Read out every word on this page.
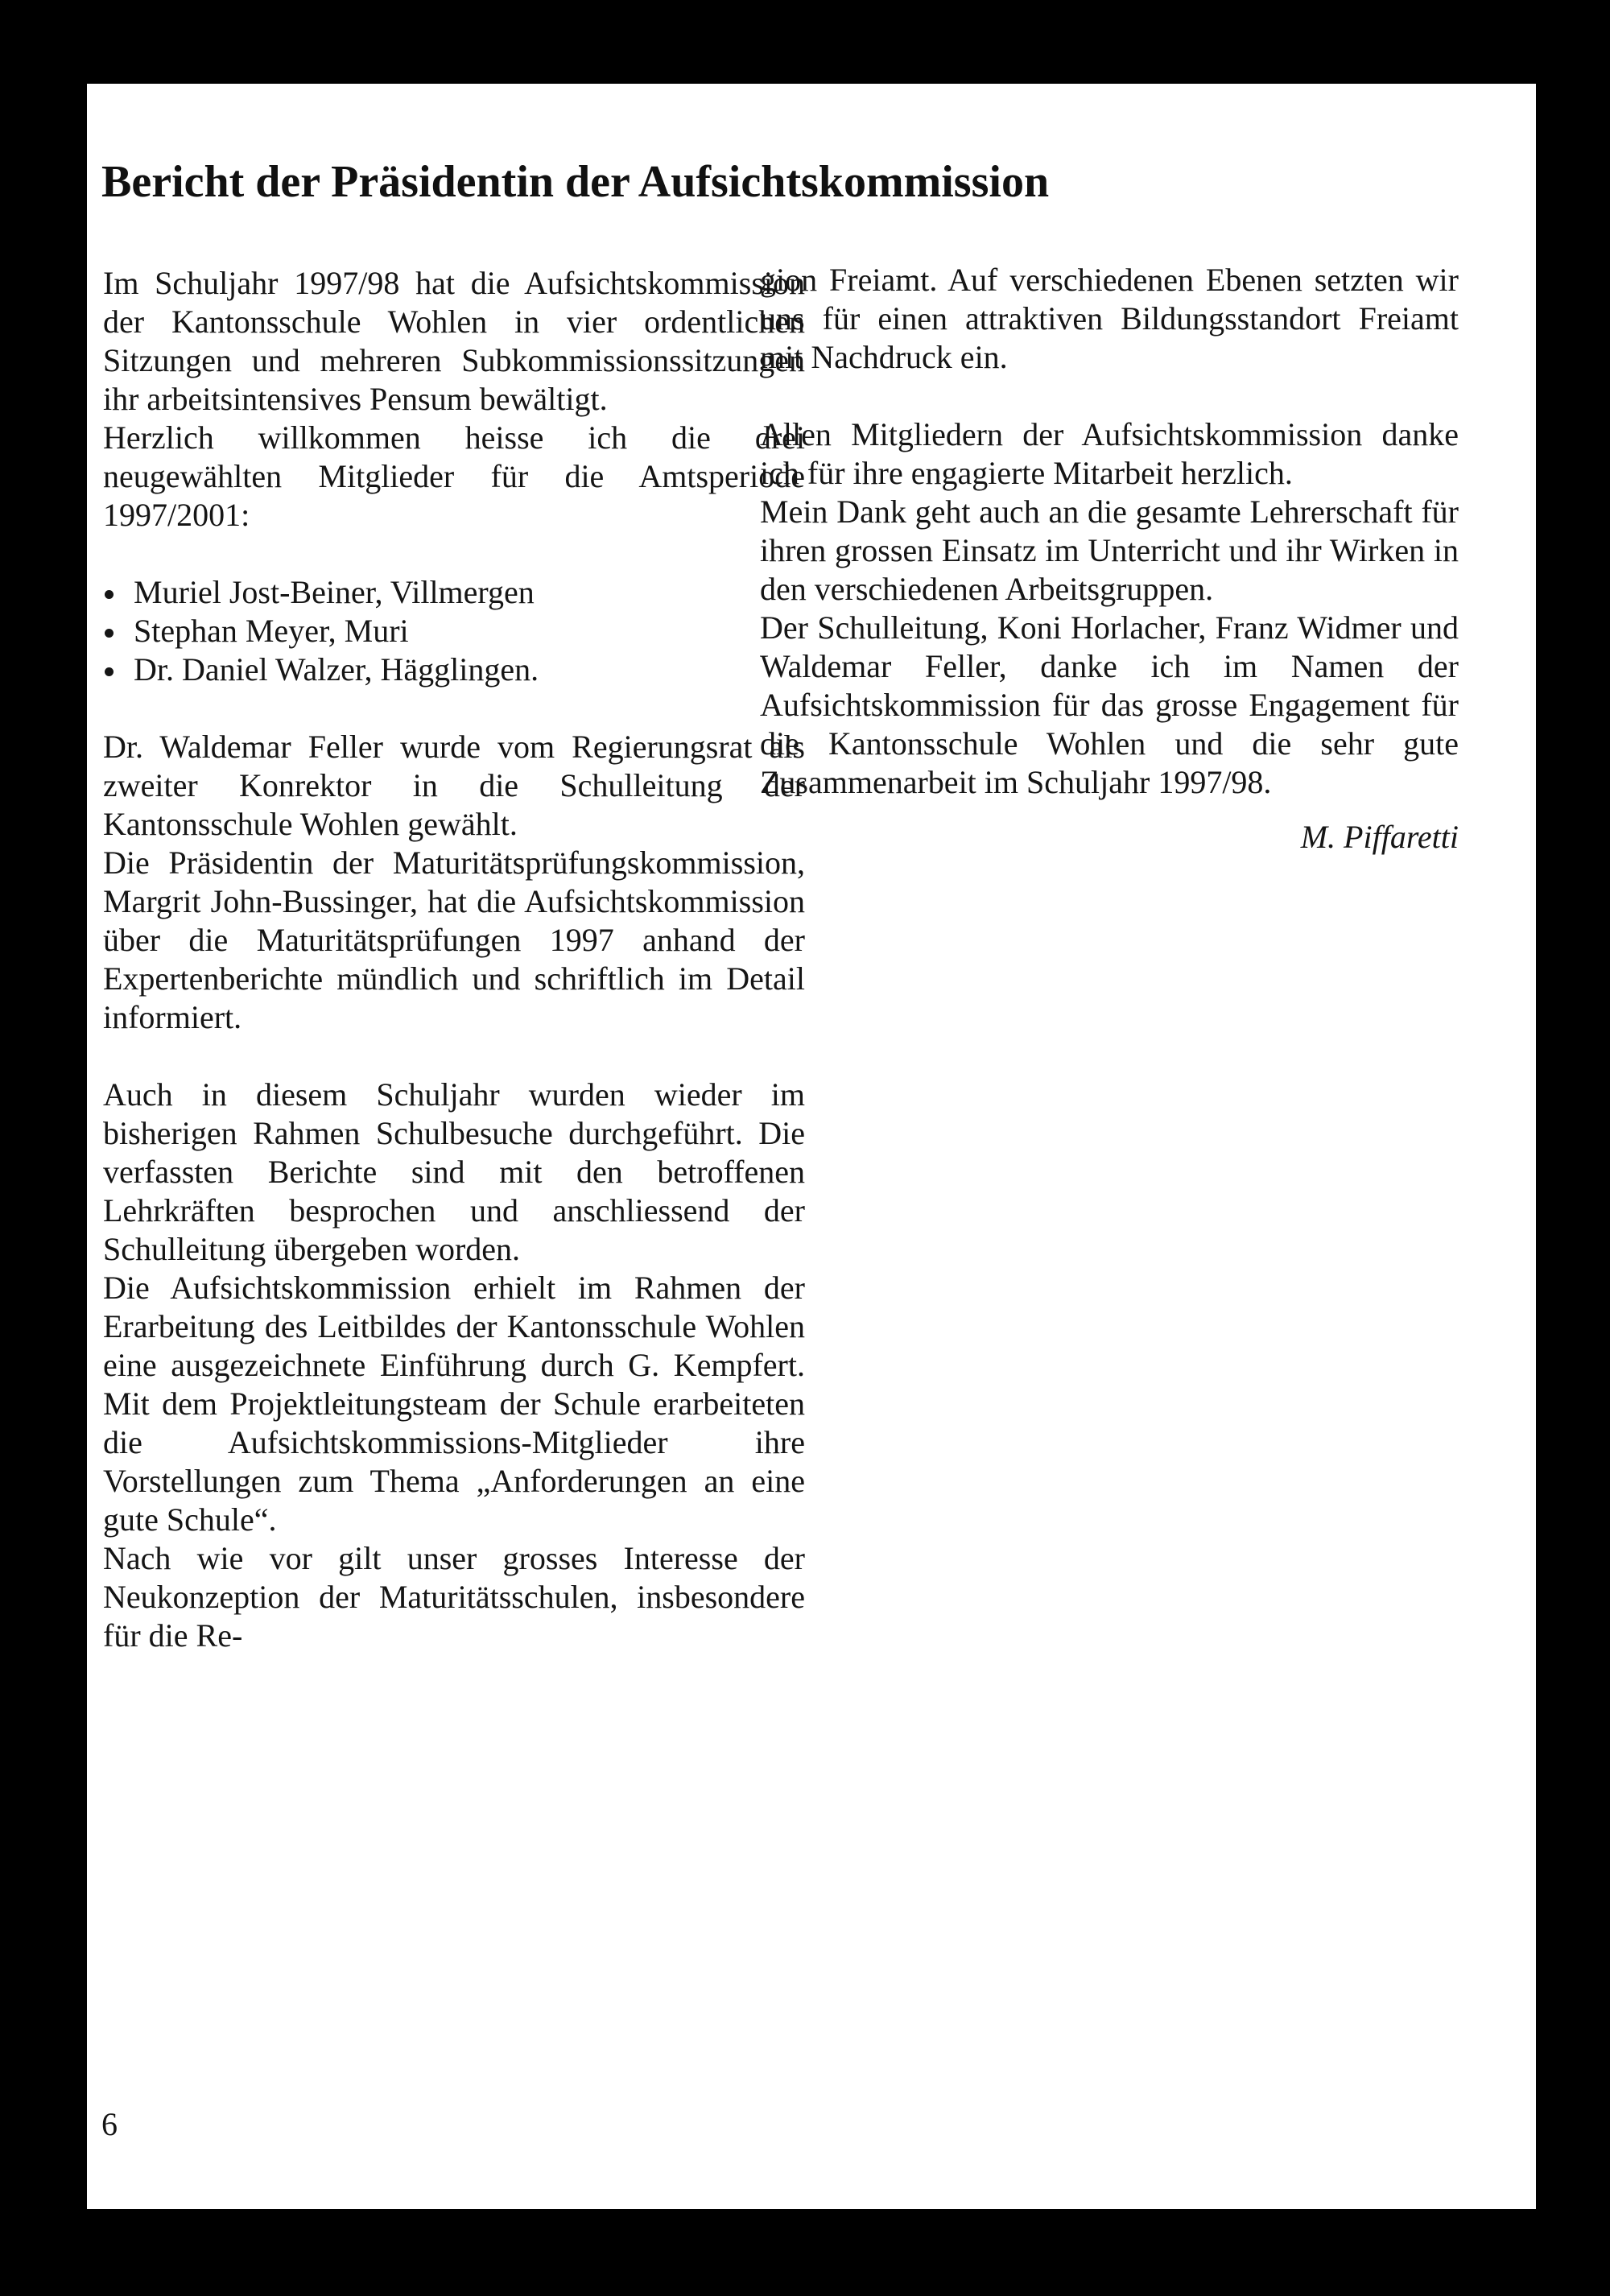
Bericht der Präsidentin der Aufsichtskommission

Im Schuljahr 1997/98 hat die Aufsichtskommission der Kantonsschule Wohlen in vier ordentlichen Sitzungen und mehreren Subkommissionssitzungen ihr arbeitsintensives Pensum bewältigt.

Herzlich willkommen heisse ich die drei neugewählten Mitglieder für die Amtsperiode 1997/2001:

Muriel Jost-Beiner, Villmergen
Stephan Meyer, Muri
Dr. Daniel Walzer, Hägglingen.

Dr. Waldemar Feller wurde vom Regierungsrat als zweiter Konrektor in die Schulleitung der Kantonsschule Wohlen gewählt.

Die Präsidentin der Maturitätsprüfungskommission, Margrit John-Bussinger, hat die Aufsichtskommission über die Maturitätsprüfungen 1997 anhand der Expertenberichte mündlich und schriftlich im Detail informiert.

Auch in diesem Schuljahr wurden wieder im bisherigen Rahmen Schulbesuche durchgeführt. Die verfassten Berichte sind mit den betroffenen Lehrkräften besprochen und anschliessend der Schulleitung übergeben worden.

Die Aufsichtskommission erhielt im Rahmen der Erarbeitung des Leitbildes der Kantonsschule Wohlen eine ausgezeichnete Einführung durch G. Kempfert. Mit dem Projektleitungsteam der Schule erarbeiteten die Aufsichtskommissions-Mitglieder ihre Vorstellungen zum Thema „Anforderungen an eine gute Schule“.

Nach wie vor gilt unser grosses Interesse der Neukonzeption der Maturitätsschulen, insbesondere für die Re-

gion Freiamt. Auf verschiedenen Ebenen setzten wir uns für einen attraktiven Bildungsstandort Freiamt mit Nachdruck ein.

Allen Mitgliedern der Aufsichtskommission danke ich für ihre engagierte Mitarbeit herzlich.

Mein Dank geht auch an die gesamte Lehrerschaft für ihren grossen Einsatz im Unterricht und ihr Wirken in den verschiedenen Arbeitsgruppen.

Der Schulleitung, Koni Horlacher, Franz Widmer und Waldemar Feller, danke ich im Namen der Aufsichtskommission für das grosse Engagement für die Kantonsschule Wohlen und die sehr gute Zusammenarbeit im Schuljahr 1997/98.

M. Piffaretti

6
